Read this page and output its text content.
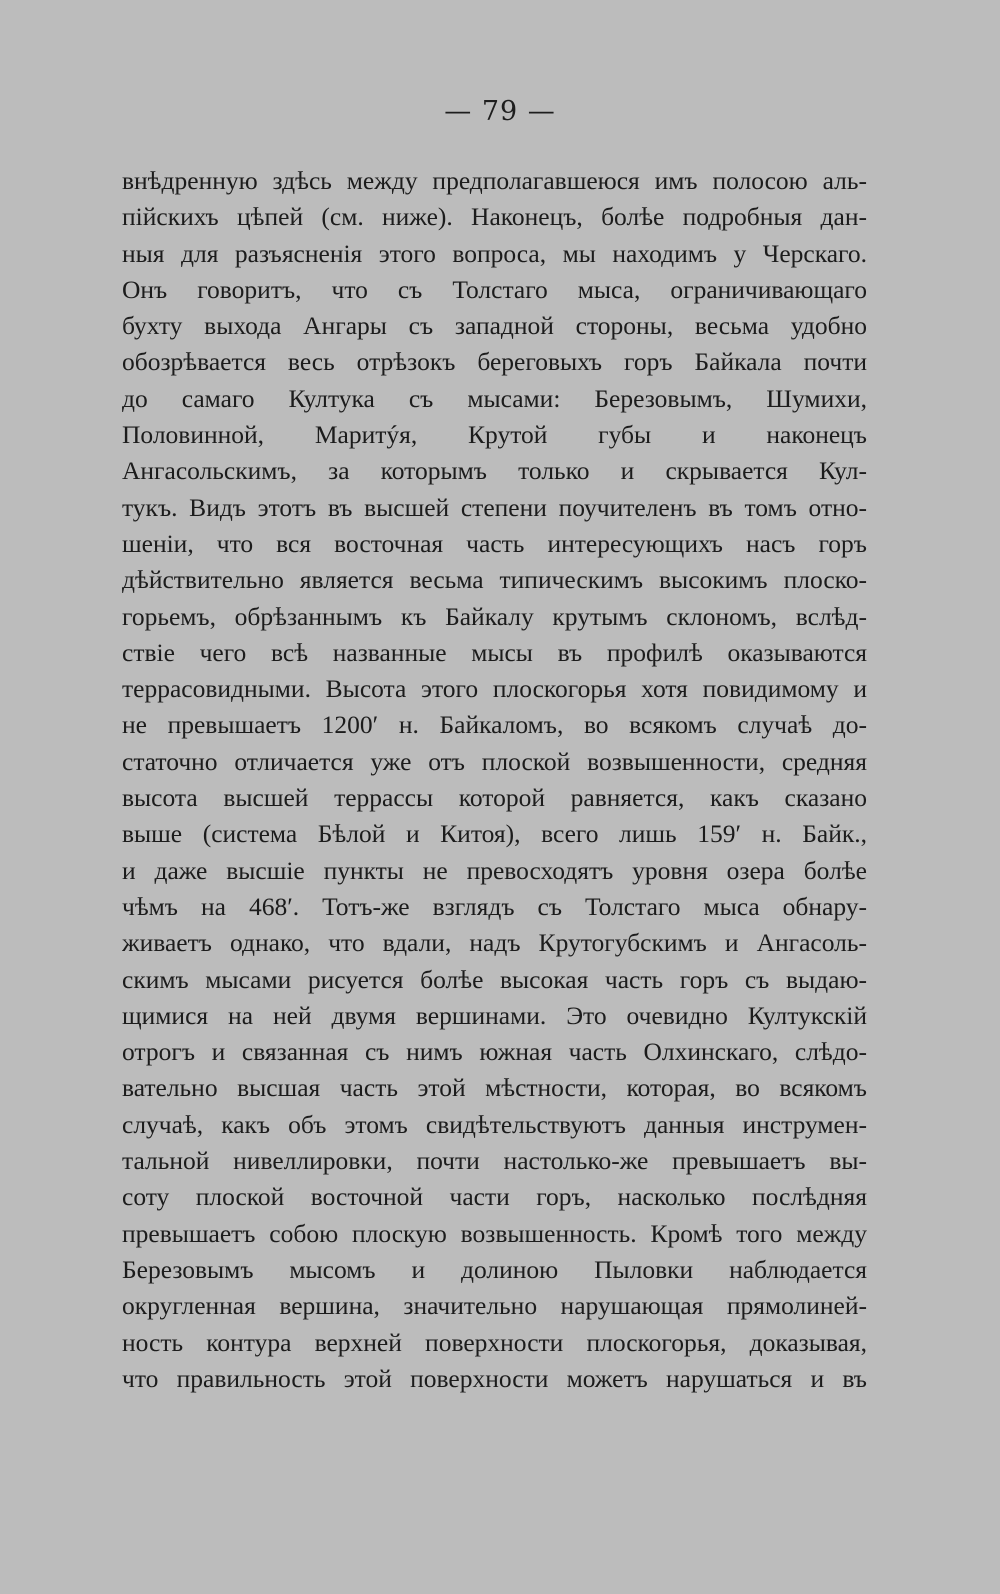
— 79 —
внѣдренную здѣсь между предполагавшеюся имъ полосою аль-
пійскихъ цѣпей (см. ниже). Наконецъ, болѣе подробныя дан-
ныя для разъясненія этого вопроса, мы находимъ у Черскаго.
Онъ говоритъ, что съ Толстаго мыса, ограничивающаго
бухту выхода Ангары съ западной стороны, весьма удобно
обозрѣвается весь отрѣзокъ береговыхъ горъ Байкала почти
до самаго Култука съ мысами: Березовымъ, Шумихи,
Половинной, Маритýя, Крутой губы и наконецъ
Ангасольскимъ, за которымъ только и скрывается Кул-
тукъ. Видъ этотъ въ высшей степени поучителенъ въ томъ отно-
шеніи, что вся восточная часть интересующихъ насъ горъ
дѣйствительно является весьма типическимъ высокимъ плоско-
горьемъ, обрѣзаннымъ къ Байкалу крутымъ склономъ, вслѣд-
ствіе чего всѣ названные мысы въ профилѣ оказываются
террасовидными. Высота этого плоскогорья хотя повидимому и
не превышаетъ 1200′ н. Байкаломъ, во всякомъ случаѣ до-
статочно отличается уже отъ плоской возвышенности, средняя
высота высшей террассы которой равняется, какъ сказано
выше (система Бѣлой и Китоя), всего лишь 159′ н. Байк.,
и даже высшіе пункты не превосходятъ уровня озера болѣе
чѣмъ на 468′. Тотъ-же взглядъ съ Толстаго мыса обнару-
живаетъ однако, что вдали, надъ Крутогубскимъ и Ангасоль-
скимъ мысами рисуется болѣе высокая часть горъ съ выдаю-
щимися на ней двумя вершинами. Это очевидно Култукскій
отрогъ и связанная съ нимъ южная часть Олхинскаго, слѣдо-
вательно высшая часть этой мѣстности, которая, во всякомъ
случаѣ, какъ объ этомъ свидѣтельствуютъ данныя инструмен-
тальной нивеллировки, почти настолько-же превышаетъ вы-
соту плоской восточной части горъ, насколько послѣдняя
превышаетъ собою плоскую возвышенность. Кромѣ того между
Березовымъ мысомъ и долиною Пыловки наблюдается
округленная вершина, значительно нарушающая прямолиней-
ность контура верхней поверхности плоскогорья, доказывая,
что правильность этой поверхности можетъ нарушаться и въ
